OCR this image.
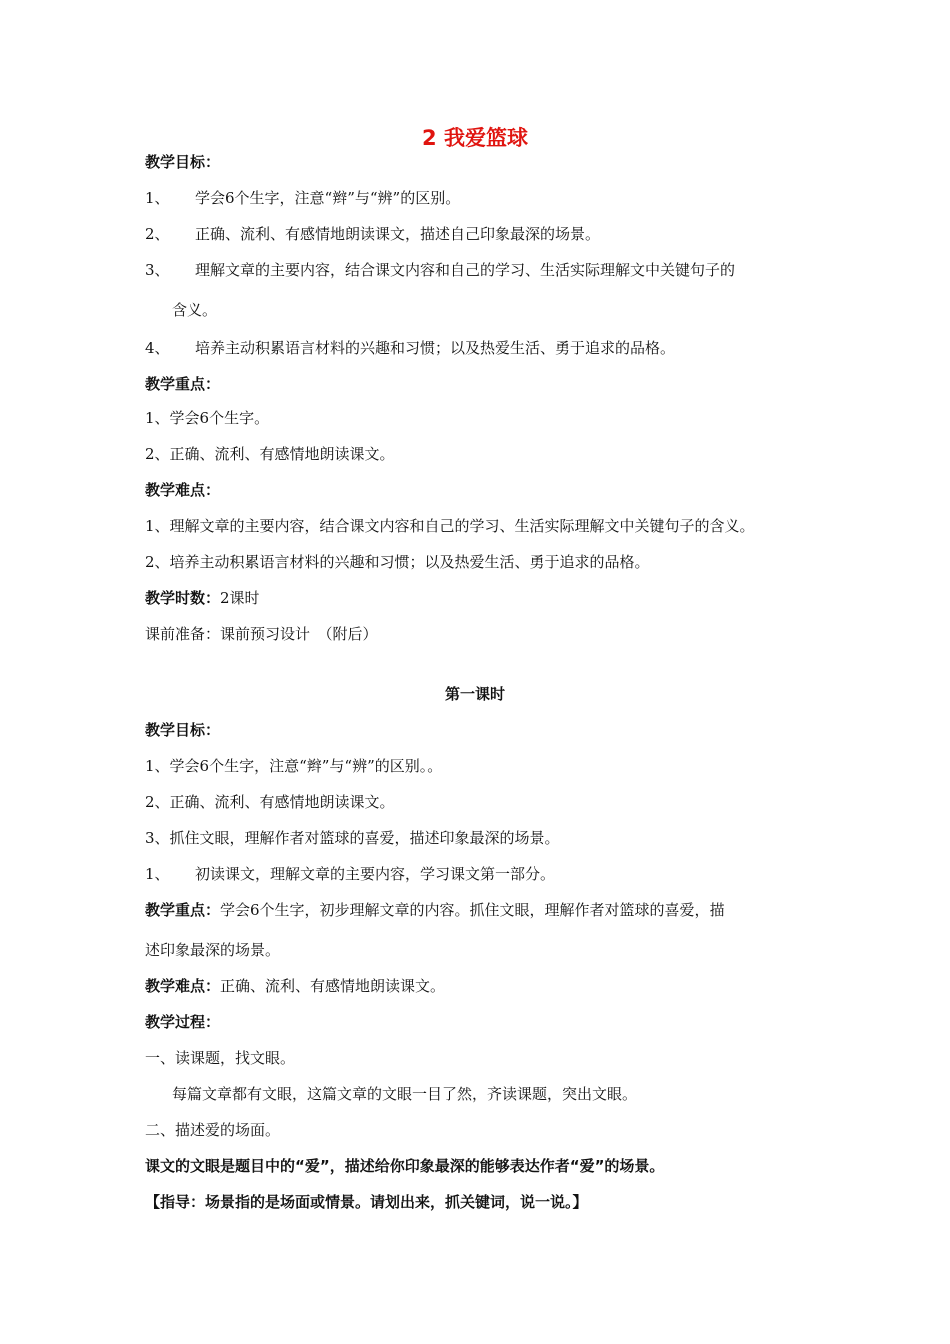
2 我爱篮球
教学目标：
1、 学会6个生字，注意“辫”与“辨”的区别。
2、 正确、流利、有感情地朗读课文，描述自己印象最深的场景。
3、 理解文章的主要内容，结合课文内容和自己的学习、生活实际理解文中关键句子的
含义。
4、 培养主动积累语言材料的兴趣和习惯；以及热爱生活、勇于追求的品格。
教学重点：
1、学会6个生字。
2、正确、流利、有感情地朗读课文。
教学难点：
1、理解文章的主要内容，结合课文内容和自己的学习、生活实际理解文中关键句子的含义。
2、培养主动积累语言材料的兴趣和习惯；以及热爱生活、勇于追求的品格。
教学时数：2课时
课前准备：课前预习设计　（附后）
第一课时
教学目标：
1、学会6个生字，注意“辫”与“辨”的区别。。
2、正确、流利、有感情地朗读课文。
3、抓住文眼，理解作者对篮球的喜爱，描述印象最深的场景。
1、 初读课文，理解文章的主要内容，学习课文第一部分。
教学重点：学会6个生字，初步理解文章的内容。抓住文眼，理解作者对篮球的喜爱，描
述印象最深的场景。
教学难点：正确、流利、有感情地朗读课文。
教学过程：
一、读课题，找文眼。
每篇文章都有文眼，这篇文章的文眼一目了然，齐读课题，突出文眼。
二、描述爱的场面。
课文的文眼是题目中的“爱”，描述给你印象最深的能够表达作者“爱”的场景。
【指导：场景指的是场面或情景。请划出来，抓关键词，说一说。】
